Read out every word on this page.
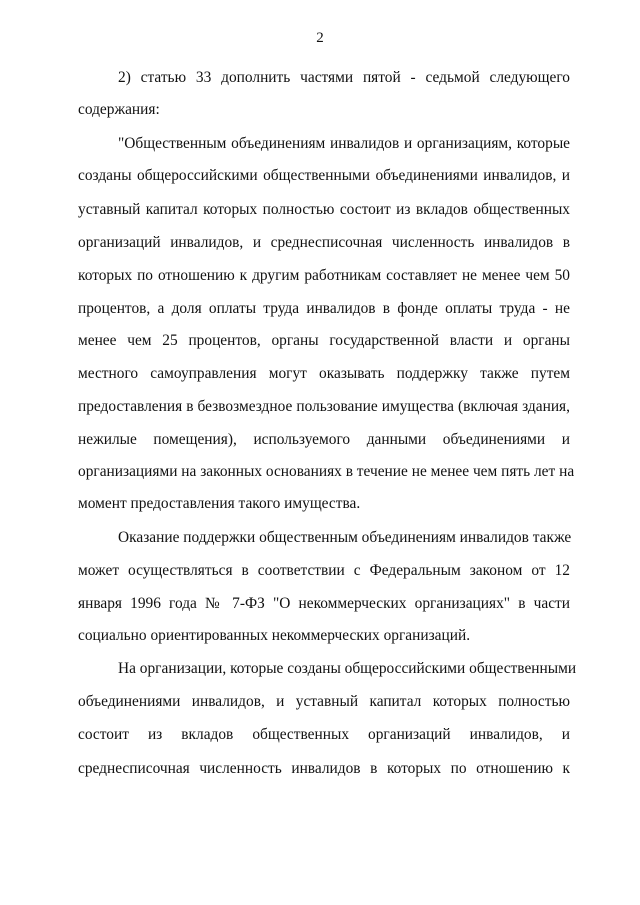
2
2) статью 33 дополнить частями пятой - седьмой следующего
содержания:
"Общественным объединениям инвалидов и организациям, которые
созданы общероссийскими общественными объединениями инвалидов, и
уставный капитал которых полностью состоит из вкладов общественных
организаций инвалидов, и среднесписочная численность инвалидов в
которых по отношению к другим работникам составляет не менее чем 50
процентов, а доля оплаты труда инвалидов в фонде оплаты труда - не
менее чем 25 процентов, органы государственной власти и органы
местного самоуправления могут оказывать поддержку также путем
предоставления в безвозмездное пользование имущества (включая здания,
нежилые помещения), используемого данными объединениями и
организациями на законных основаниях в течение не менее чем пять лет на
момент предоставления такого имущества.
Оказание поддержки общественным объединениям инвалидов также
может осуществляться в соответствии с Федеральным законом от 12
января 1996 года № 7-ФЗ "О некоммерческих организациях" в части
социально ориентированных некоммерческих организаций.
На организации, которые созданы общероссийскими общественными
объединениями инвалидов, и уставный капитал которых полностью
состоит из вкладов общественных организаций инвалидов, и
среднесписочная численность инвалидов в которых по отношению к
